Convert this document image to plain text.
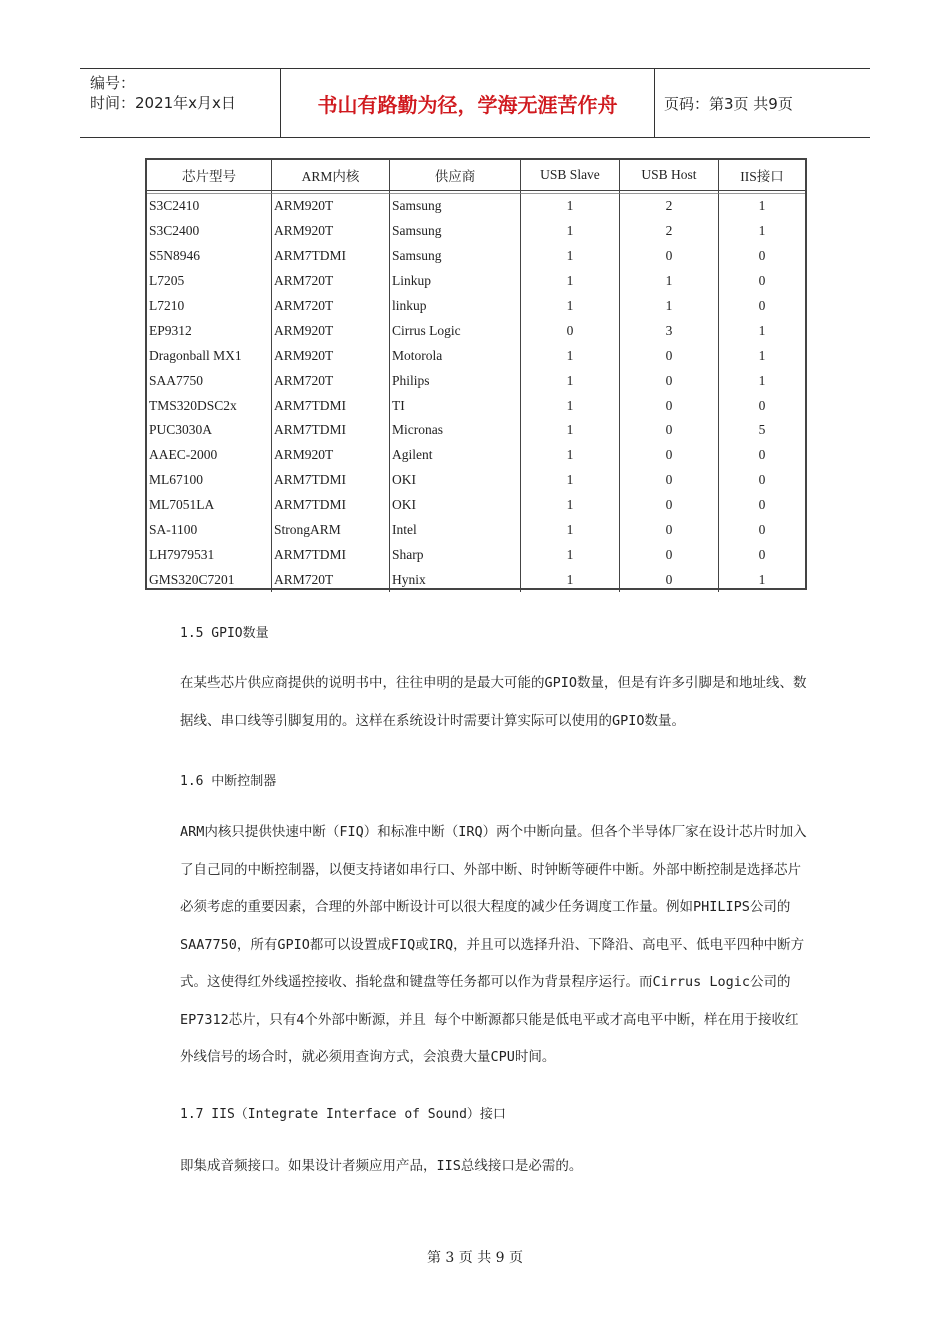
编号：
时间：2021年x月x日	书山有路勤为径，学海无涯苦作舟	页码：第3页 共9页
芯片型号	ARM内核	供应商	USB Slave	USB Host	IIS接口

S3C2410	ARM920T	Samsung	1	2	1
S3C2400	ARM920T	Samsung	1	2	1
S5N8946	ARM7TDMI	Samsung	1	0	0
L7205	ARM720T	Linkup	1	1	0
L7210	ARM720T	linkup	1	1	0
EP9312	ARM920T	Cirrus Logic	0	3	1
Dragonball MX1	ARM920T	Motorola	1	0	1
SAA7750	ARM720T	Philips	1	0	1
TMS320DSC2x	ARM7TDMI	TI	1	0	0
PUC3030A	ARM7TDMI	Micronas	1	0	5
AAEC-2000	ARM920T	Agilent	1	0	0
ML67100	ARM7TDMI	OKI	1	0	0
ML7051LA	ARM7TDMI	OKI	1	0	0
SA-1100	StrongARM	Intel	1	0	0
LH7979531	ARM7TDMI	Sharp	1	0	0
GMS320C7201	ARM720T	Hynix	1	0	1
1.5 GPIO数量
在某些芯片供应商提供的说明书中，往往申明的是最大可能的GPIO数量，但是有许多引脚是和地址线、数据线、串口线等引脚复用的。这样在系统设计时需要计算实际可以使用的GPIO数量。
1.6 中断控制器
ARM内核只提供快速中断（FIQ）和标准中断（IRQ）两个中断向量。但各个半导体厂家在设计芯片时加入了自己同的中断控制器，以便支持诸如串行口、外部中断、时钟断等硬件中断。外部中断控制是选择芯片必须考虑的重要因素，合理的外部中断设计可以很大程度的减少任务调度工作量。例如PHILIPS公司的SAA7750，所有GPIO都可以设置成FIQ或IRQ，并且可以选择升沿、下降沿、高电平、低电平四种中断方式。这使得红外线遥控接收、指轮盘和键盘等任务都可以作为背景程序运行。而Cirrus Logic公司的EP7312芯片，只有4个外部中断源，并且 每个中断源都只能是低电平或才高电平中断，样在用于接收红外线信号的场合时，就必须用查询方式，会浪费大量CPU时间。
1.7 IIS（Integrate Interface of Sound）接口
即集成音频接口。如果设计者频应用产品，IIS总线接口是必需的。
第 3 页 共 9 页
